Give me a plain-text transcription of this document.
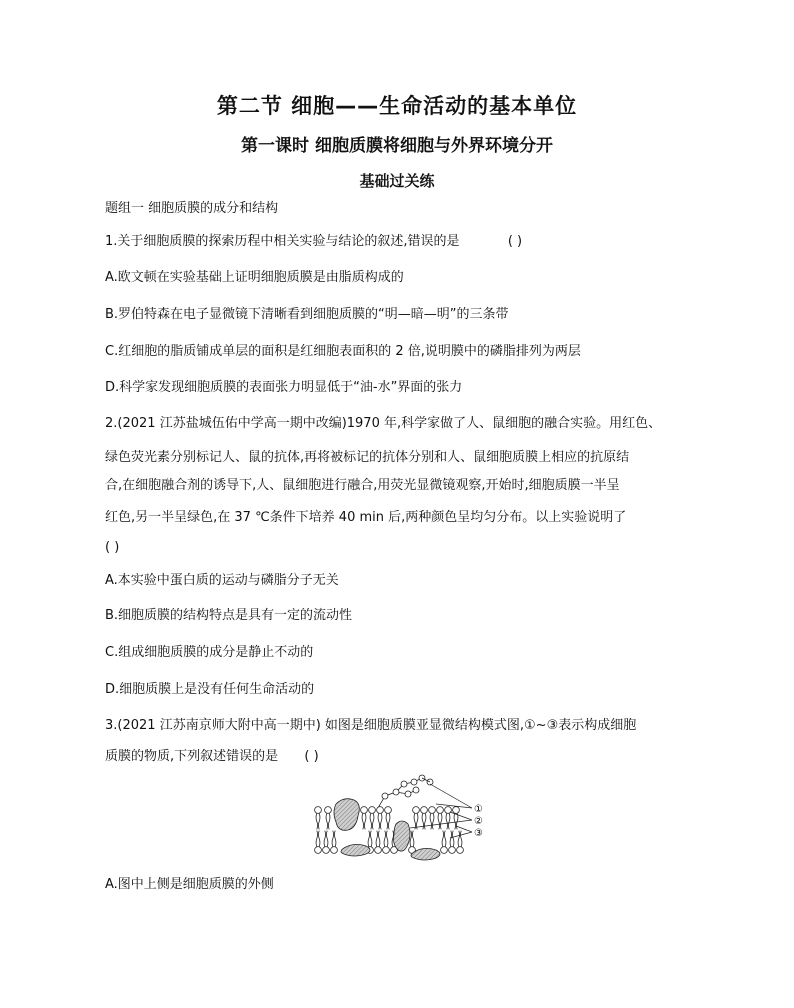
第二节 细胞——生命活动的基本单位
第一课时 细胞质膜将细胞与外界环境分开
基础过关练
题组一 细胞质膜的成分和结构
1.关于细胞质膜的探索历程中相关实验与结论的叙述,错误的是	( )
A.欧文顿在实验基础上证明细胞质膜是由脂质构成的
B.罗伯特森在电子显微镜下清晰看到细胞质膜的“明—暗—明”的三条带
C.红细胞的脂质铺成单层的面积是红细胞表面积的 2 倍,说明膜中的磷脂排列为两层
D.科学家发现细胞质膜的表面张力明显低于“油-水”界面的张力
2.(2021 江苏盐城伍佑中学高一期中改编)1970 年,科学家做了人、鼠细胞的融合实验。用红色、
绿色荧光素分别标记人、鼠的抗体,再将被标记的抗体分别和人、鼠细胞质膜上相应的抗原结
合,在细胞融合剂的诱导下,人、鼠细胞进行融合,用荧光显微镜观察,开始时,细胞质膜一半呈
红色,另一半呈绿色,在 37 ℃条件下培养 40 min 后,两种颜色呈均匀分布。以上实验说明了
( )
A.本实验中蛋白质的运动与磷脂分子无关
B.细胞质膜的结构特点是具有一定的流动性
C.组成细胞质膜的成分是静止不动的
D.细胞质膜上是没有任何生命活动的
3.(2021 江苏南京师大附中高一期中) 如图是细胞质膜亚显微结构模式图,①~③表示构成细胞
质膜的物质,下列叙述错误的是 ( )
①
②
③
A.图中上侧是细胞质膜的外侧
